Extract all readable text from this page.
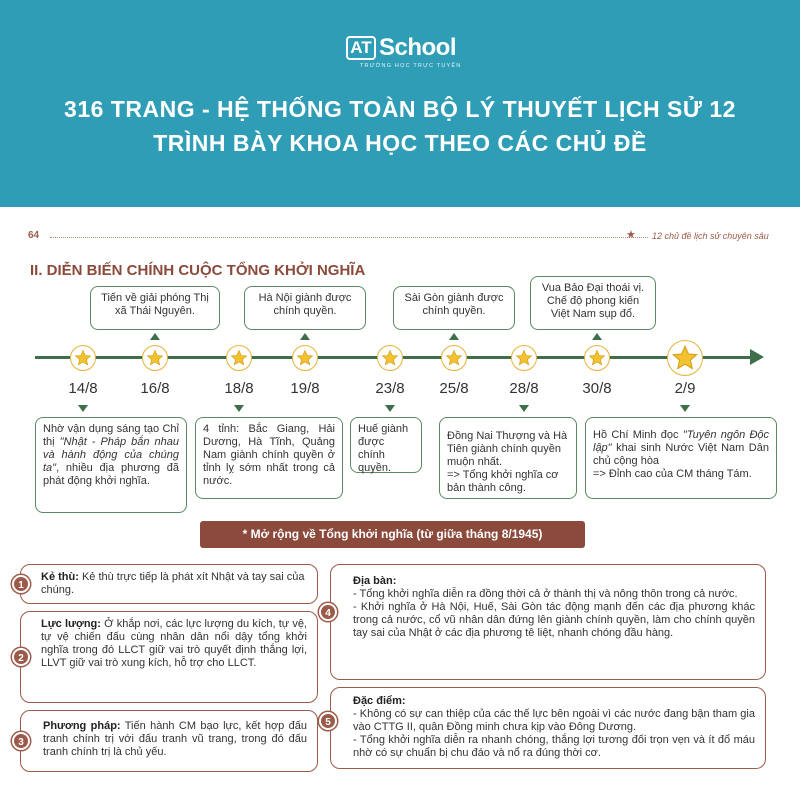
AT School
TRƯỜNG HỌC TRỰC TUYẾN
316 TRANG - HỆ THỐNG TOÀN BỘ LÝ THUYẾT LỊCH SỬ 12
TRÌNH BÀY KHOA HỌC THEO CÁC CHỦ ĐỀ
64	★ 12 chủ đề lịch sử chuyên sâu
II. DIỄN BIẾN CHÍNH CUỘC TỔNG KHỞI NGHĨA
Tiến về giải phóng Thị xã Thái Nguyên.
Hà Nội giành được chính quyền.
Sài Gòn giành được chính quyền.
Vua Bảo Đại thoái vị. Chế độ phong kiến Việt Nam sụp đổ.
14/8	16/8	18/8	19/8	23/8	25/8	28/8	30/8	2/9
Nhờ vận dụng sáng tạo Chỉ thị "Nhật - Pháp bắn nhau và hành động của chúng ta", nhiều địa phương đã phát động khởi nghĩa.
4 tỉnh: Bắc Giang, Hải Dương, Hà Tĩnh, Quảng Nam giành chính quyền ở tỉnh lỵ sớm nhất trong cả nước.
Huế giành được chính quyền.
Đồng Nai Thượng và Hà Tiên giành chính quyền muộn nhất.
=> Tổng khởi nghĩa cơ bản thành công.
Hồ Chí Minh đọc "Tuyên ngôn Độc lập" khai sinh Nước Việt Nam Dân chủ cộng hòa
=> Đỉnh cao của CM tháng Tám.
* Mở rộng về Tổng khởi nghĩa (từ giữa tháng 8/1945)
Kẻ thù: Kẻ thù trực tiếp là phát xít Nhật và tay sai của chúng.
1
Lực lượng: Ở khắp nơi, các lực lượng du kích, tự vệ, tự vệ chiến đấu cùng nhân dân nổi dậy tổng khởi nghĩa trong đó LLCT giữ vai trò quyết định thắng lợi, LLVT giữ vai trò xung kích, hỗ trợ cho LLCT.
2
Phương pháp: Tiến hành CM bạo lực, kết hợp đấu tranh chính trị với đấu tranh vũ trang, trong đó đấu tranh chính trị là chủ yếu.
3
Địa bàn:
- Tổng khởi nghĩa diễn ra đồng thời cả ở thành thị và nông thôn trong cả nước.
- Khởi nghĩa ở Hà Nội, Huế, Sài Gòn tác động mạnh đến các địa phương khác trong cả nước, cổ vũ nhân dân đứng lên giành chính quyền, làm cho chính quyền tay sai của Nhật ở các địa phương tê liệt, nhanh chóng đầu hàng.
4
Đặc điểm:
- Không có sự can thiệp của các thế lực bên ngoài vì các nước đang bận tham gia vào CTTG II, quân Đồng minh chưa kịp vào Đông Dương.
- Tổng khởi nghĩa diễn ra nhanh chóng, thắng lợi tương đối trọn vẹn và ít đổ máu nhờ có sự chuẩn bị chu đáo và nổ ra đúng thời cơ.
5
